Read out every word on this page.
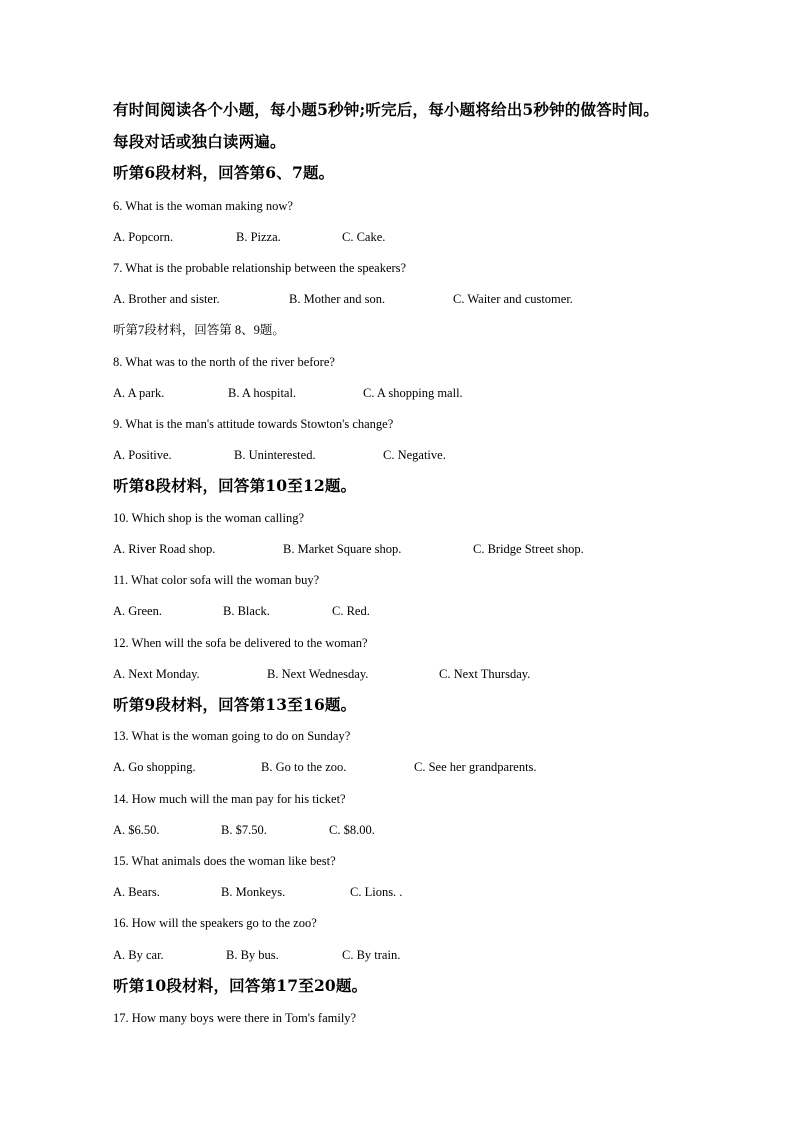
有时间阅读各个小题，每小题5秒钟;听完后，每小题将给出5秒钟的做答时间。
每段对话或独白读两遍。
听第6段材料，回答第6、7题。
6. What is the woman making now?
A. Popcorn.	B. Pizza.	C. Cake.
7. What is the probable relationship between the speakers?
A. Brother and sister.	B. Mother and son.	C. Waiter and customer.
听第7段材料，回答第 8、9题。
8. What was to the north of the river before?
A. A park.	B. A hospital.	C. A shopping mall.
9. What is the man's attitude towards Stowton's change?
A. Positive.	B. Uninterested.	C. Negative.
听第8段材料，回答第10至12题。
10. Which shop is the woman calling?
A. River Road shop.	B. Market Square shop.	C. Bridge Street shop.
11. What color sofa will the woman buy?
A. Green.	B. Black.	C. Red.
12. When will the sofa be delivered to the woman?
A. Next Monday.	B. Next Wednesday.	C. Next Thursday.
听第9段材料，回答第13至16题。
13. What is the woman going to do on Sunday?
A. Go shopping.	B. Go to the zoo.	C. See her grandparents.
14. How much will the man pay for his ticket?
A. $6.50.	B. $7.50.	C. $8.00.
15. What animals does the woman like best?
A. Bears.	B. Monkeys.	C. Lions. .
16. How will the speakers go to the zoo?
A. By car.	B. By bus.	C. By train.
听第10段材料，回答第17至20题。
17. How many boys were there in Tom's family?
